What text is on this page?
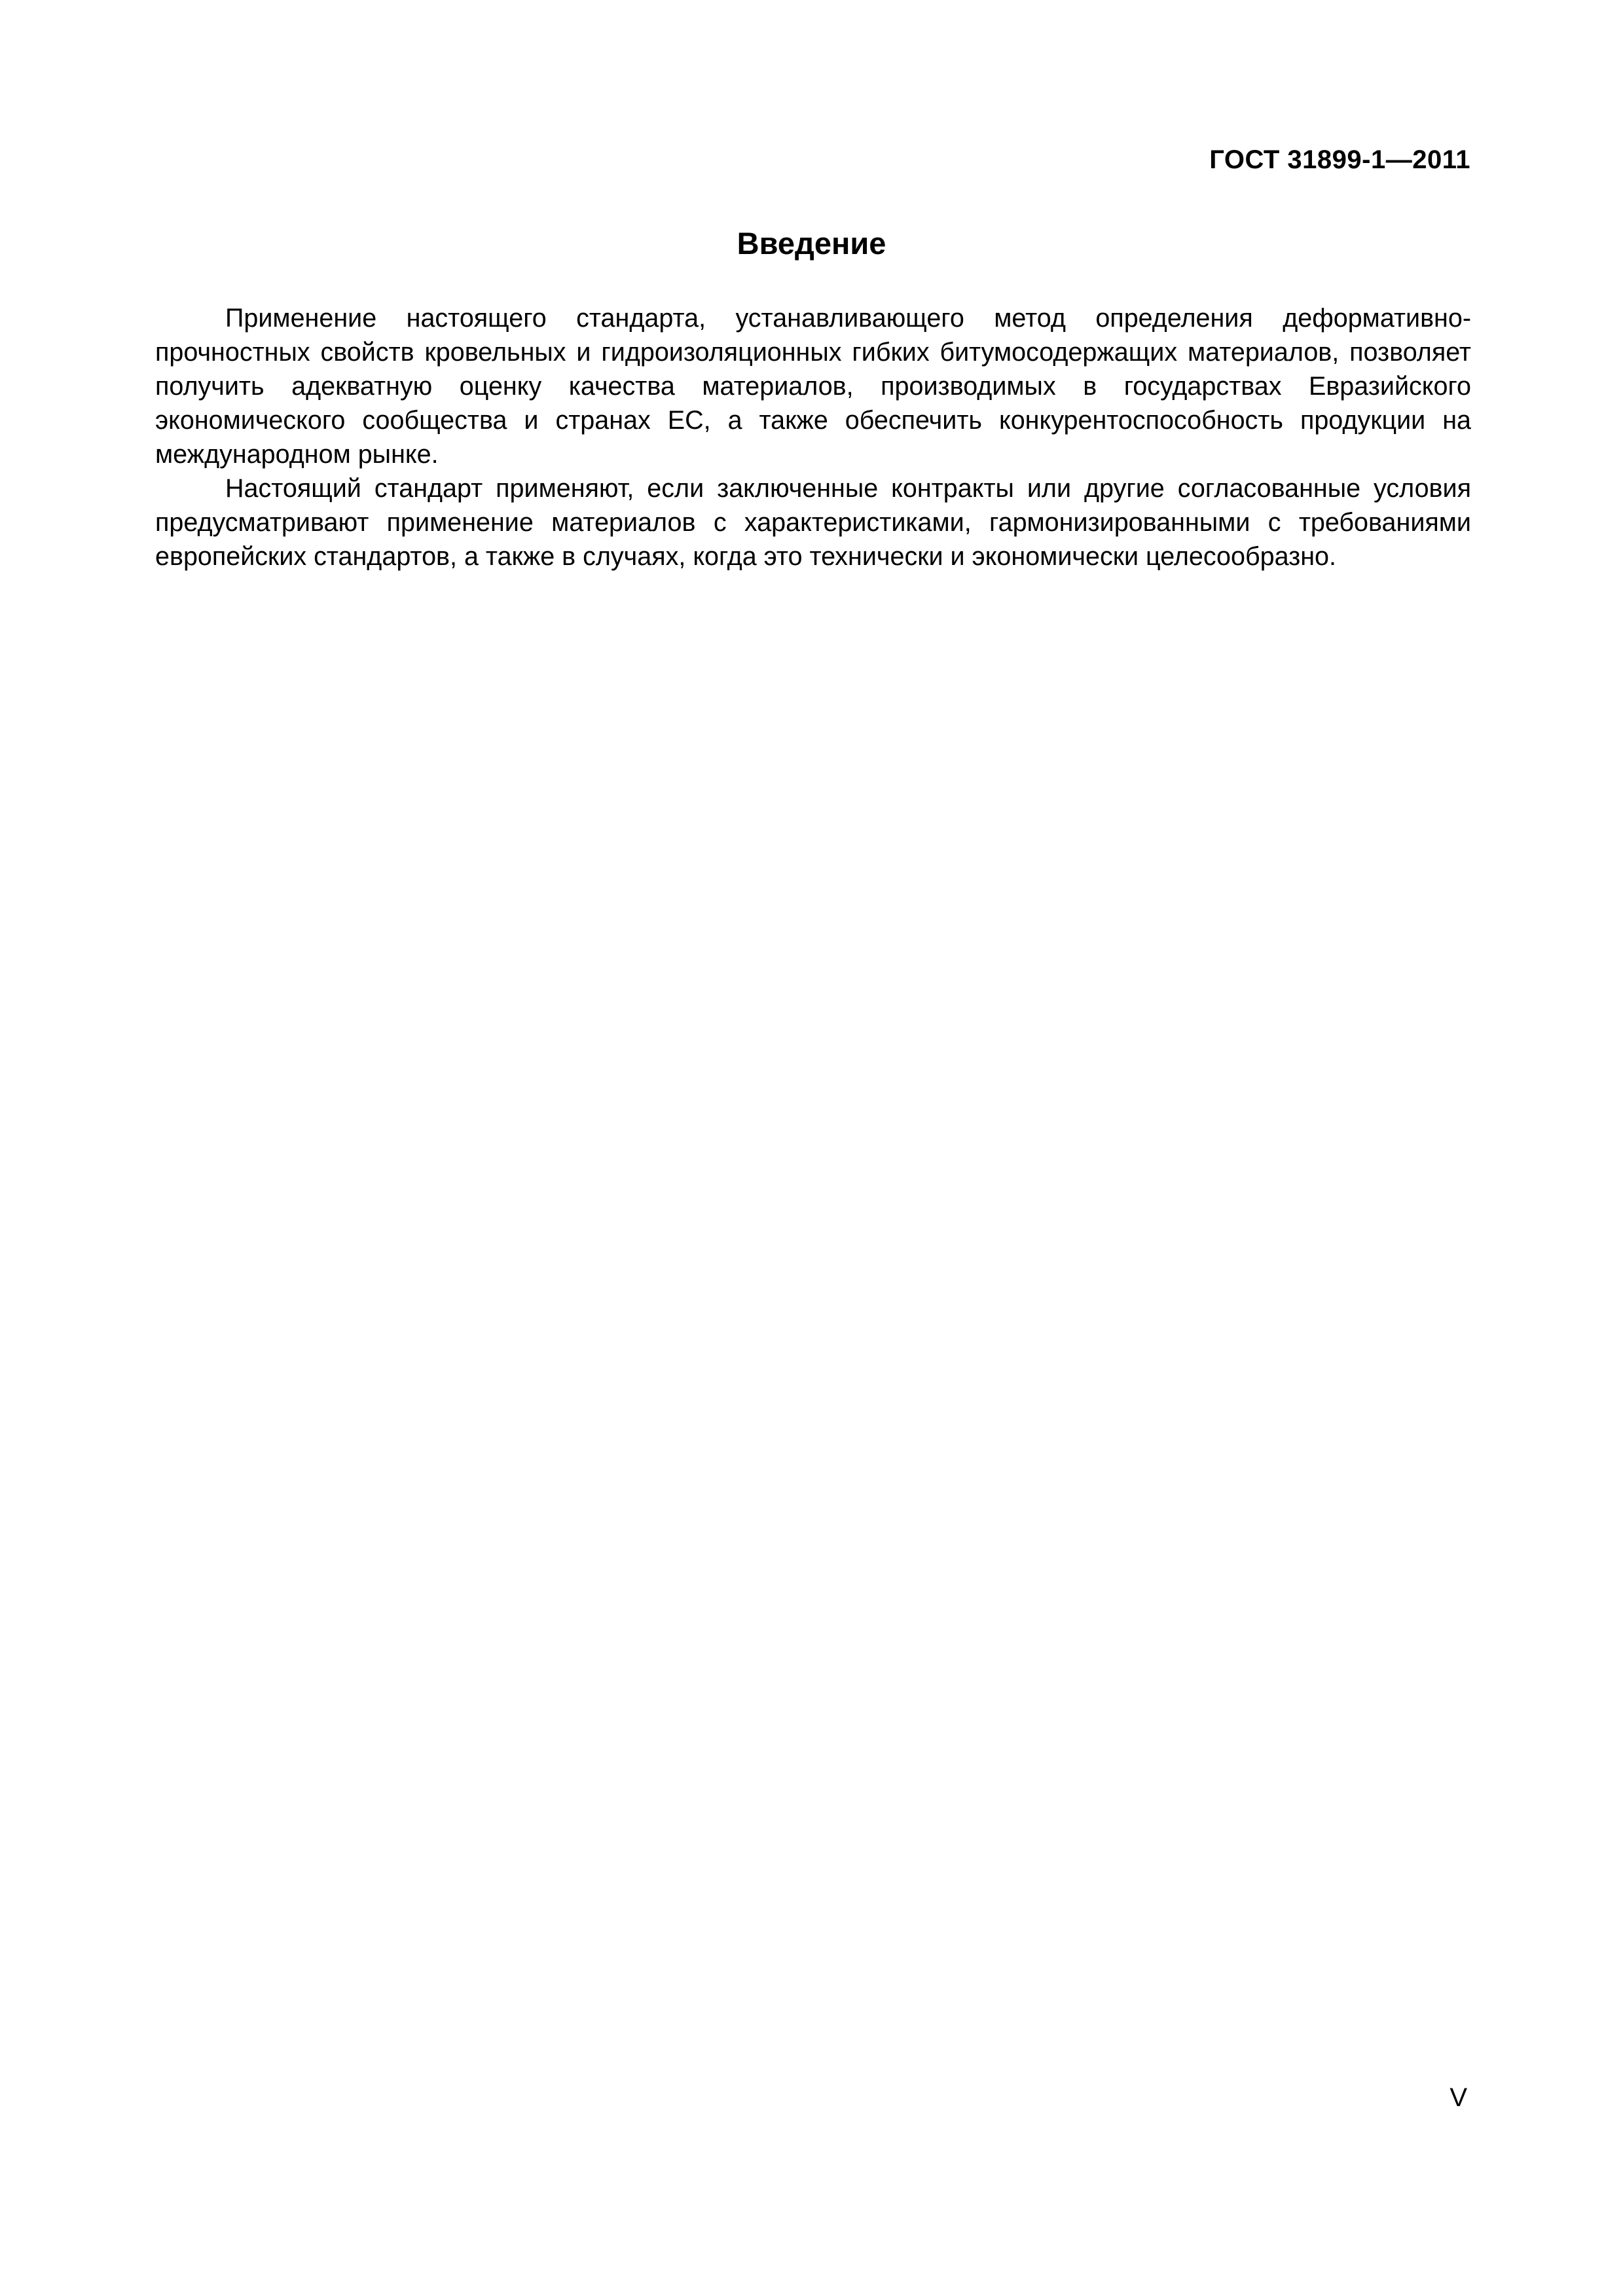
ГОСТ 31899-1—2011
Введение

Применение настоящего стандарта, устанавливающего метод определения деформативно-прочностных свойств кровельных и гидроизоляционных гибких битумосодержащих материалов, позволяет получить адекватную оценку качества материалов, производимых в государствах Евразийского экономического сообщества и странах ЕС, а также обеспечить конкурентоспособность продукции на международном рынке.

Настоящий стандарт применяют, если заключенные контракты или другие согласованные условия предусматривают применение материалов с характеристиками, гармонизированными с требованиями европейских стандартов, а также в случаях, когда это технически и экономически целесообразно.

V
